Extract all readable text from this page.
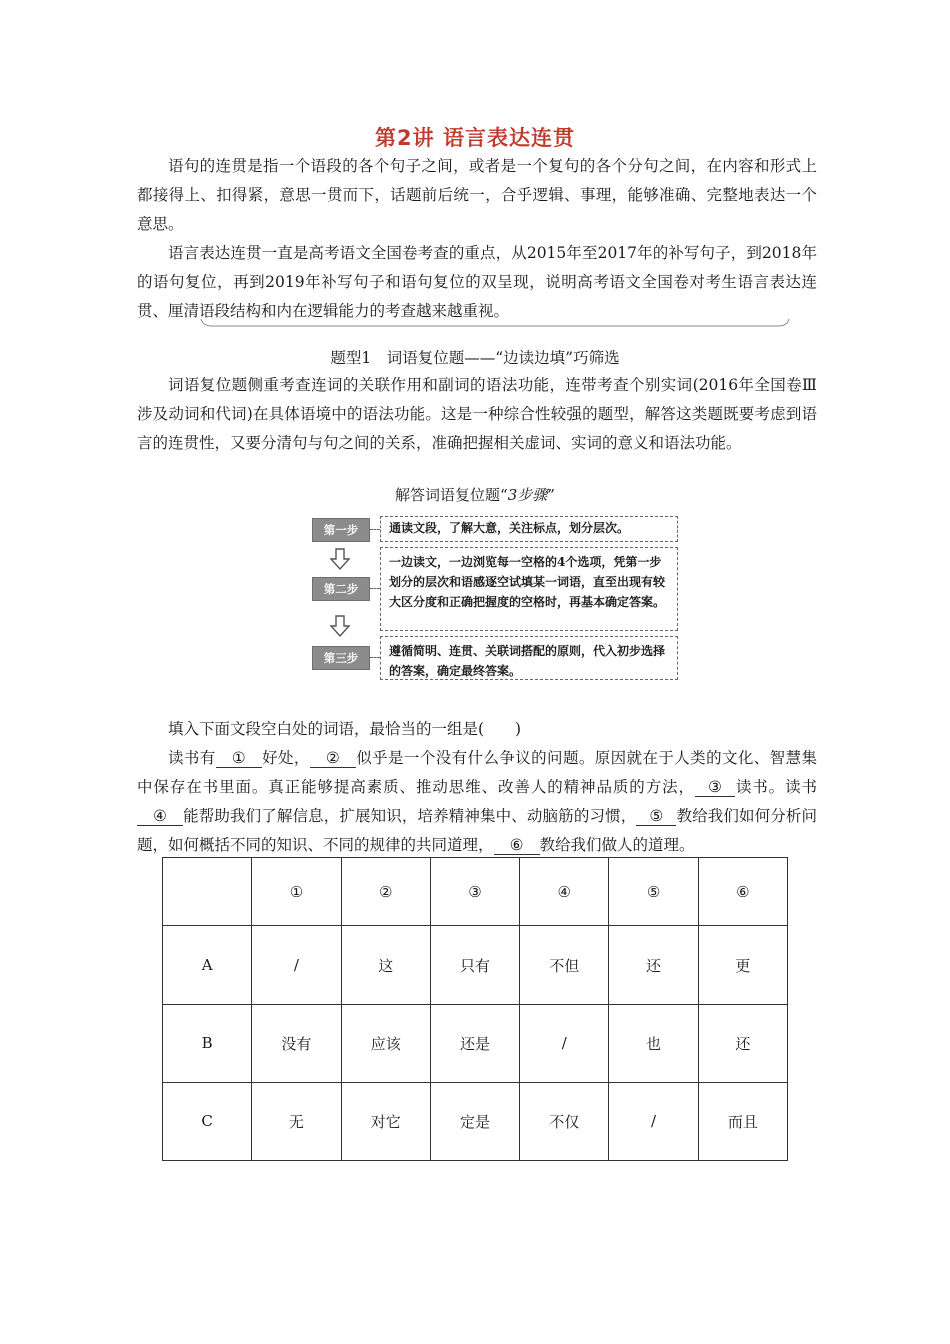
第2讲 语言表达连贯

语句的连贯是指一个语段的各个句子之间，或者是一个复句的各个分句之间，在内容和形式上都接得上、扣得紧，意思一贯而下，话题前后统一，合乎逻辑、事理，能够准确、完整地表达一个意思。

语言表达连贯一直是高考语文全国卷考查的重点，从2015年至2017年的补写句子，到2018年的语句复位，再到2019年补写句子和语句复位的双呈现，说明高考语文全国卷对考生语言表达连贯、厘清语段结构和内在逻辑能力的考查越来越重视。

题型1　词语复位题——“边读边填”巧筛选

词语复位题侧重考查连词的关联作用和副词的语法功能，连带考查个别实词(2016年全国卷Ⅲ涉及动词和代词)在具体语境中的语法功能。这是一种综合性较强的题型，解答这类题既要考虑到语言的连贯性，又要分清句与句之间的关系，准确把握相关虚词、实词的意义和语法功能。

解答词语复位题“3步骤”
第一步	通读文段，了解大意，关注标点，划分层次。
第二步
一边读文，一边浏览每一空格的4个选项，凭第一步划分的层次和语感逐空试填某一词语，直至出现有较大区分度和正确把握度的空格时，再基本确定答案。
第三步	遵循简明、连贯、关联词搭配的原则，代入初步选择的答案，确定最终答案。

填入下面文段空白处的词语，最恰当的一组是(　　)

读书有 ① 好处， ② 似乎是一个没有什么争议的问题。原因就在于人类的文化、智慧集中保存在书里面。真正能够提高素质、推动思维、改善人的精神品质的方法， ③ 读书。读书④ 能帮助我们了解信息，扩展知识，培养精神集中、动脑筋的习惯， ⑤ 教给我们如何分析问题，如何概括不同的知识、不同的规律的共同道理， ⑥ 教给我们做人的道理。

	①	②	③	④	⑤	⑥
A	/	这	只有	不但	还	更
B	没有	应该	还是	/	也	还
C	无	对它	定是	不仅	/	而且
